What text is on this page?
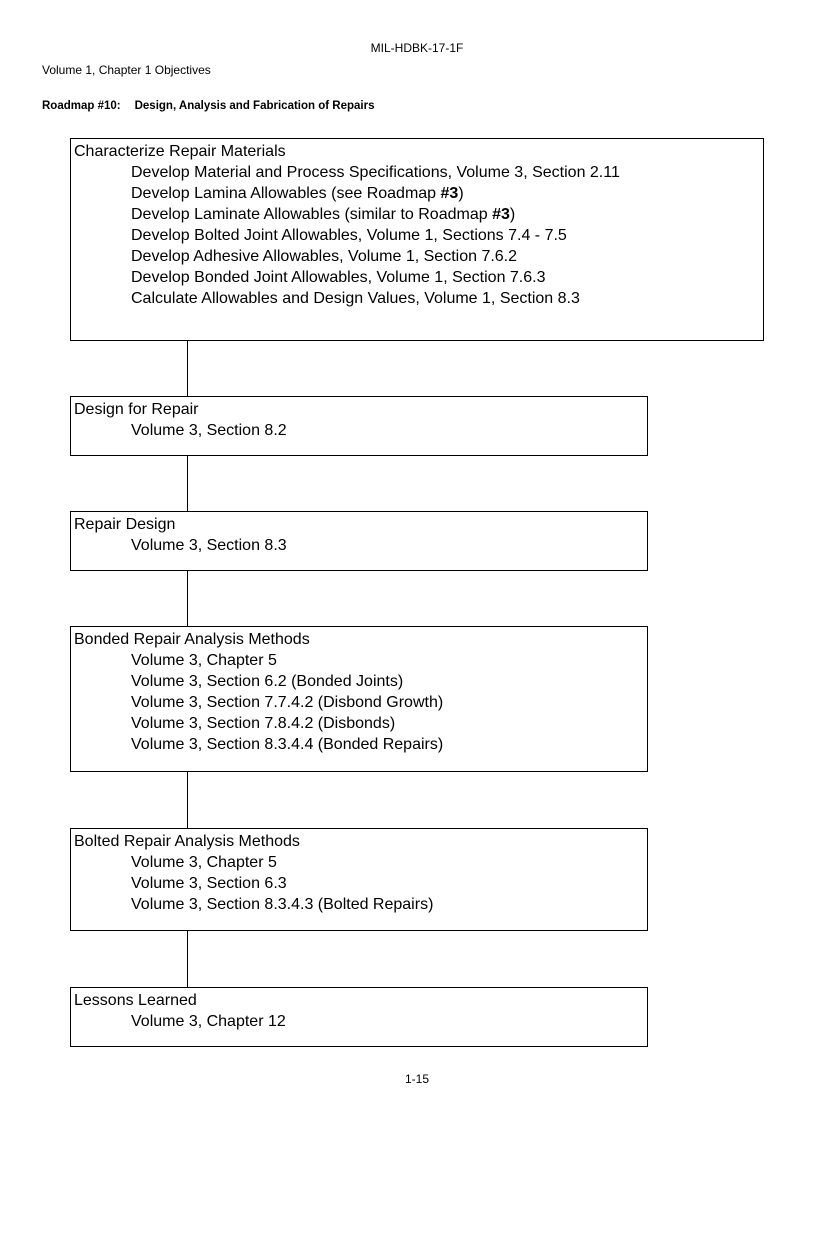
MIL-HDBK-17-1F
Volume 1, Chapter 1 Objectives
Roadmap #10: Design, Analysis and Fabrication of Repairs
Characterize Repair Materials
Develop Material and Process Specifications, Volume 3, Section 2.11
Develop Lamina Allowables (see Roadmap #3)
Develop Laminate Allowables (similar to Roadmap #3)
Develop Bolted Joint Allowables, Volume 1, Sections 7.4 - 7.5
Develop Adhesive Allowables, Volume 1, Section 7.6.2
Develop Bonded Joint Allowables, Volume 1, Section 7.6.3
Calculate Allowables and Design Values, Volume 1, Section 8.3
Design for Repair
Volume 3, Section 8.2
Repair Design
Volume 3, Section 8.3
Bonded Repair Analysis Methods
Volume 3, Chapter 5
Volume 3, Section 6.2 (Bonded Joints)
Volume 3, Section 7.7.4.2 (Disbond Growth)
Volume 3, Section 7.8.4.2 (Disbonds)
Volume 3, Section 8.3.4.4 (Bonded Repairs)
Bolted Repair Analysis Methods
Volume 3, Chapter 5
Volume 3, Section 6.3
Volume 3, Section 8.3.4.3 (Bolted Repairs)
Lessons Learned
Volume 3, Chapter 12
1-15
